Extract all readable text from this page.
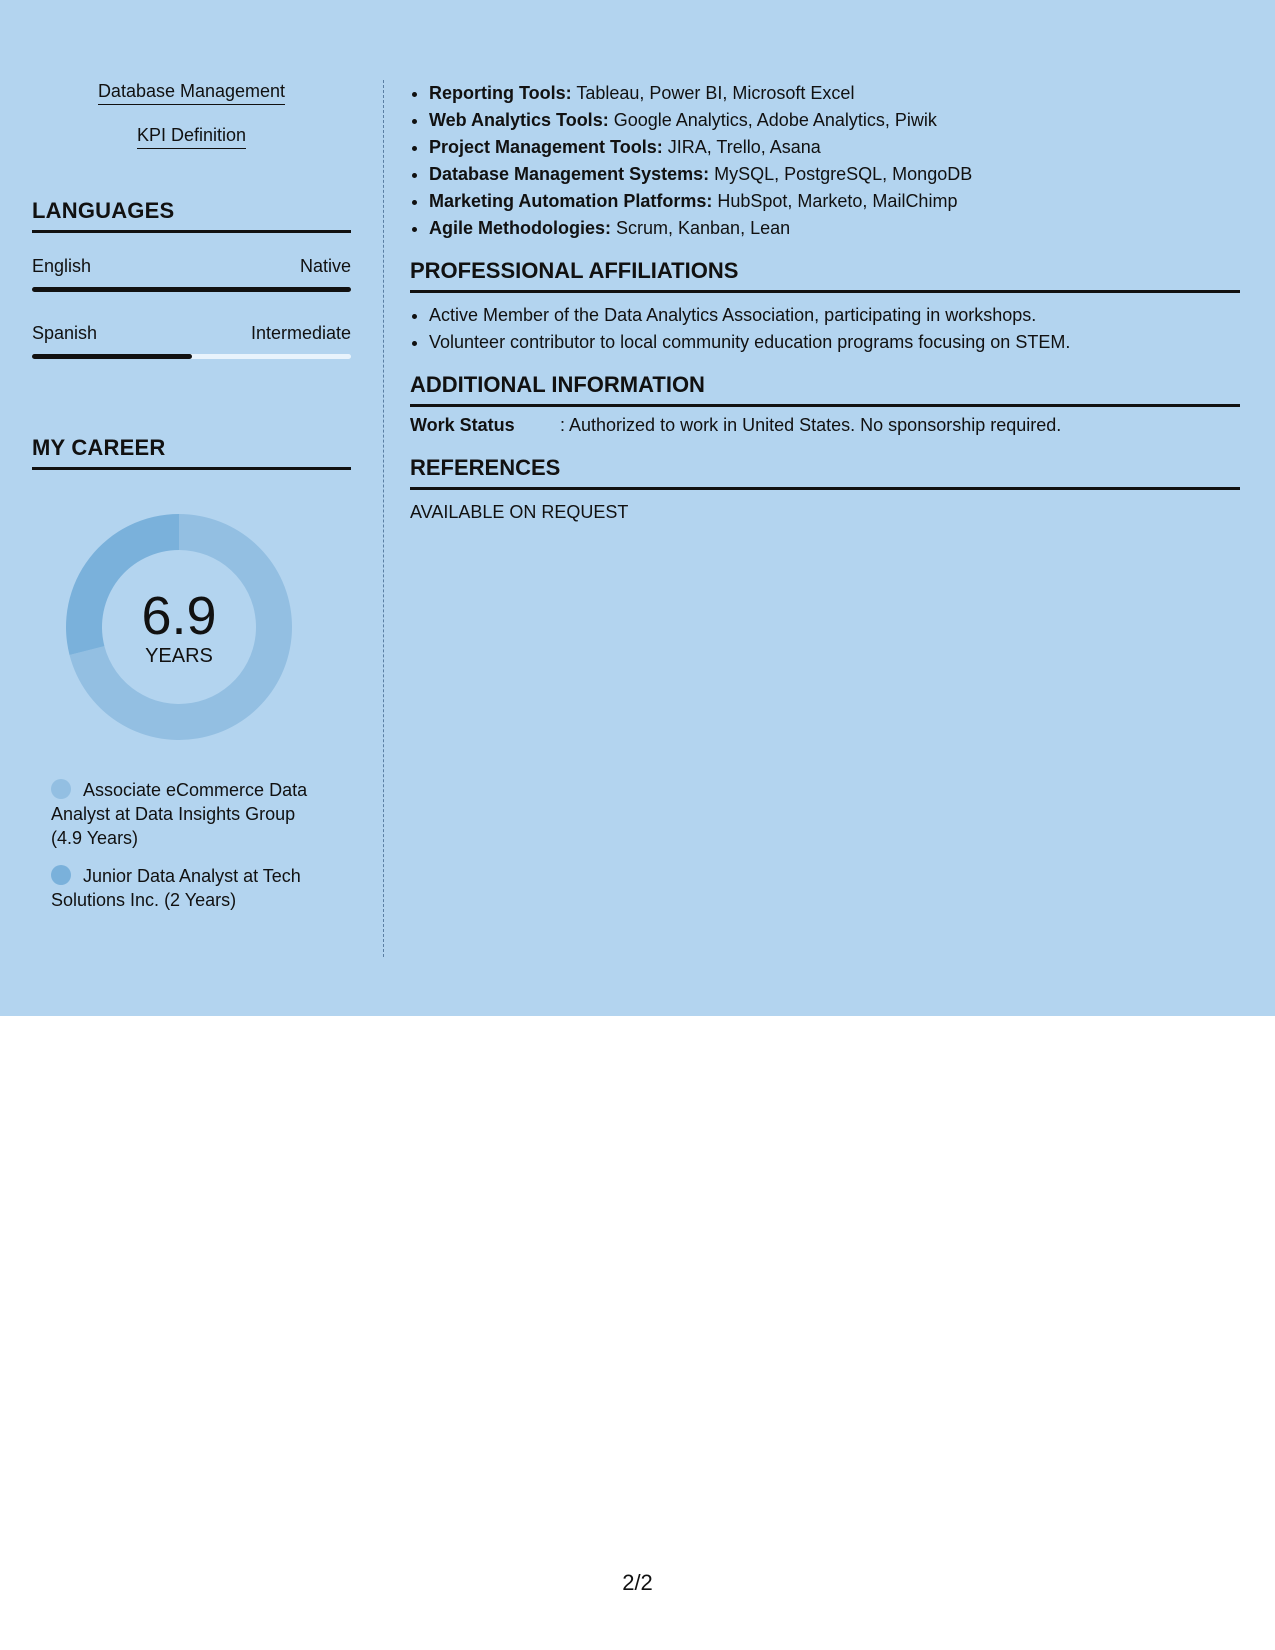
Database Management
KPI Definition
LANGUAGES
English	Native
Spanish	Intermediate
MY CAREER
6.9
YEARS
Associate eCommerce Data Analyst at Data Insights Group (4.9 Years)
Junior Data Analyst at Tech Solutions Inc. (2 Years)
• Reporting Tools: Tableau, Power BI, Microsoft Excel
• Web Analytics Tools: Google Analytics, Adobe Analytics, Piwik
• Project Management Tools: JIRA, Trello, Asana
• Database Management Systems: MySQL, PostgreSQL, MongoDB
• Marketing Automation Platforms: HubSpot, Marketo, MailChimp
• Agile Methodologies: Scrum, Kanban, Lean
PROFESSIONAL AFFILIATIONS
• Active Member of the Data Analytics Association, participating in workshops.
• Volunteer contributor to local community education programs focusing on STEM.
ADDITIONAL INFORMATION
Work Status	: Authorized to work in United States. No sponsorship required.
REFERENCES
AVAILABLE ON REQUEST
2/2
